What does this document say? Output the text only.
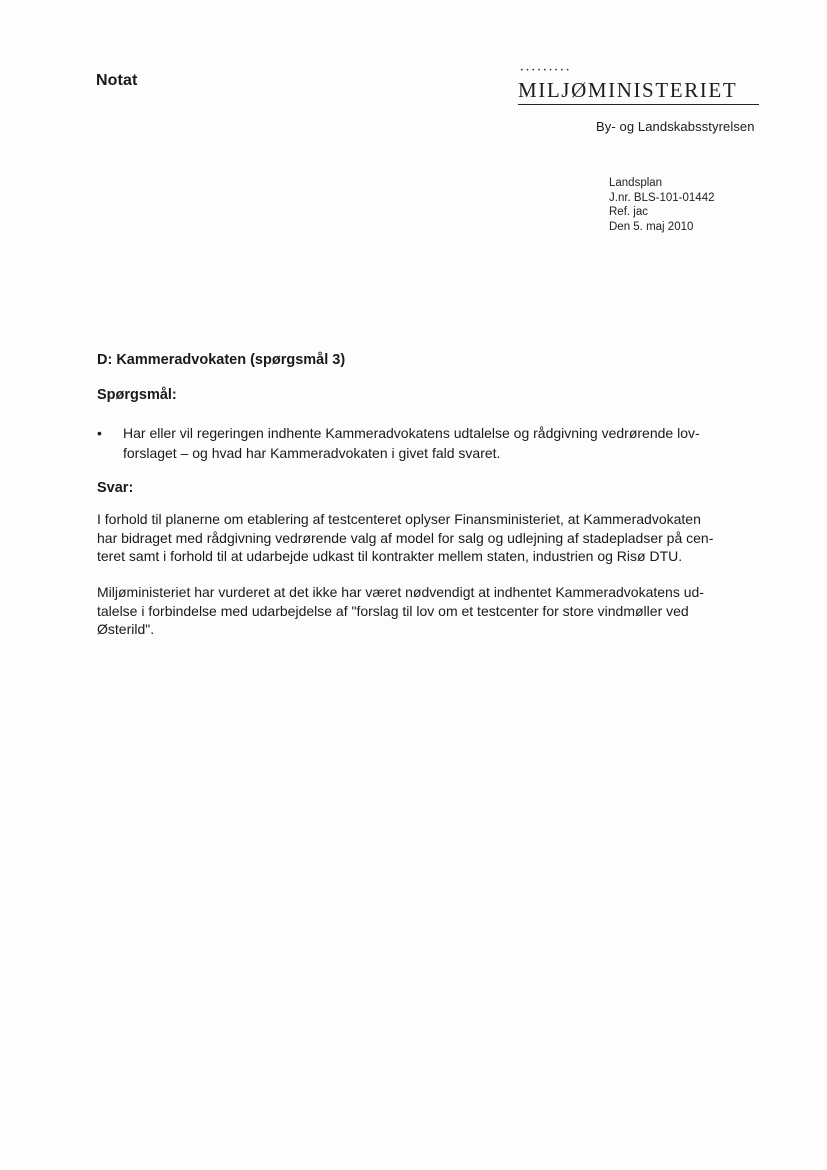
Notat
•••••••••
MILJØMINISTERIET
By- og Landskabsstyrelsen
Landsplan
J.nr. BLS-101-01442
Ref. jac
Den 5. maj 2010
D: Kammeradvokaten (spørgsmål 3)
Spørgsmål:
• Har eller vil regeringen indhente Kammeradvokatens udtalelse og rådgivning vedrørende lov-
forslaget – og hvad har Kammeradvokaten i givet fald svaret.
Svar:
I forhold til planerne om etablering af testcenteret oplyser Finansministeriet, at Kammeradvokaten
har bidraget med rådgivning vedrørende valg af model for salg og udlejning af stadepladser på cen-
teret samt i forhold til at udarbejde udkast til kontrakter mellem staten, industrien og Risø DTU.
Miljøministeriet har vurderet at det ikke har været nødvendigt at indhentet Kammeradvokatens ud-
talelse i forbindelse med udarbejdelse af "forslag til lov om et testcenter for store vindmøller ved
Østerild".
